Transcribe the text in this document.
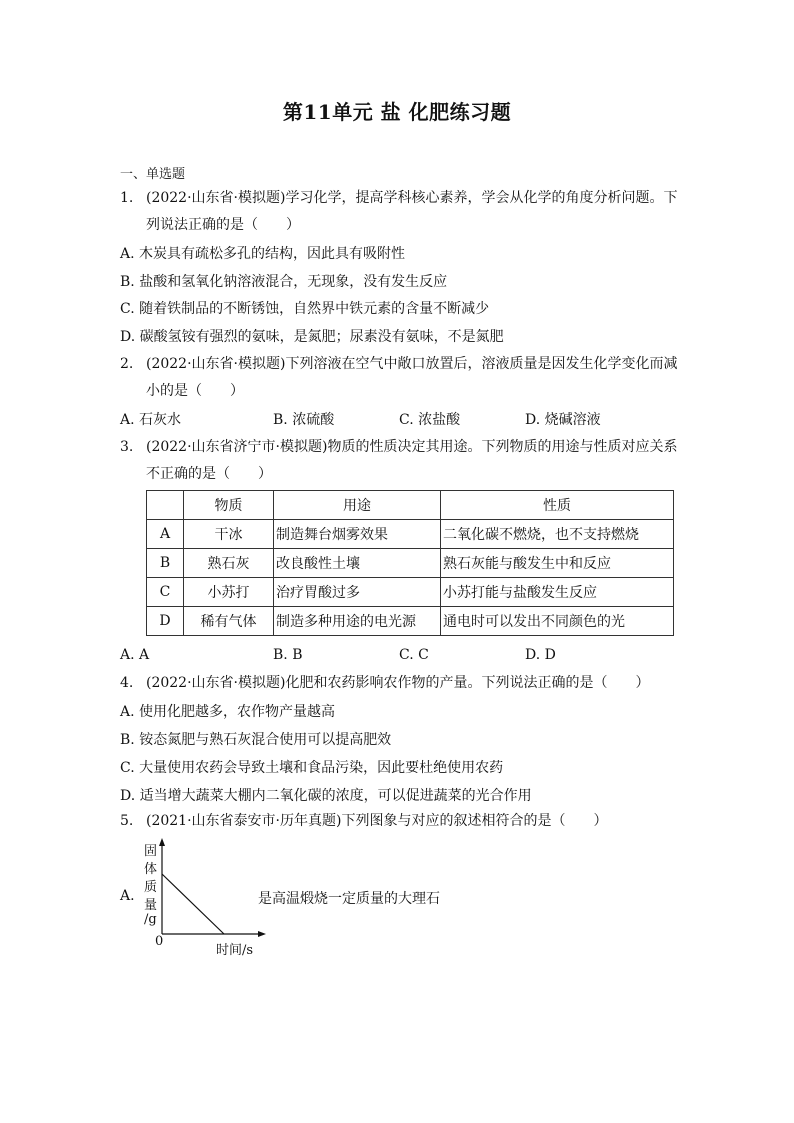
第11单元 盐 化肥练习题
一、单选题
1. (2022·山东省·模拟题)学习化学，提高学科核心素养，学会从化学的角度分析问题。下
列说法正确的是（　　）
A. 木炭具有疏松多孔的结构，因此具有吸附性
B. 盐酸和氢氧化钠溶液混合，无现象，没有发生反应
C. 随着铁制品的不断锈蚀，自然界中铁元素的含量不断减少
D. 碳酸氢铵有强烈的氨味，是氮肥；尿素没有氨味，不是氮肥
2. (2022·山东省·模拟题)下列溶液在空气中敞口放置后，溶液质量是因发生化学变化而减
小的是（　　）
A. 石灰水	B. 浓硫酸	C. 浓盐酸	D. 烧碱溶液
3. (2022·山东省济宁市·模拟题)物质的性质决定其用途。下列物质的用途与性质对应关系
不正确的是（　　）
	物质	用途	性质
A	干冰	制造舞台烟雾效果	二氧化碳不燃烧，也不支持燃烧
B	熟石灰	改良酸性土壤	熟石灰能与酸发生中和反应
C	小苏打	治疗胃酸过多	小苏打能与盐酸发生反应
D	稀有气体	制造多种用途的电光源	通电时可以发出不同颜色的光
A. A	B. B	C. C	D. D
4. (2022·山东省·模拟题)化肥和农药影响农作物的产量。下列说法正确的是（　　）
A. 使用化肥越多，农作物产量越高
B. 铵态氮肥与熟石灰混合使用可以提高肥效
C. 大量使用农药会导致土壤和食品污染，因此要杜绝使用农药
D. 适当增大蔬菜大棚内二氧化碳的浓度，可以促进蔬菜的光合作用
5. (2021·山东省泰安市·历年真题)下列图象与对应的叙述相符合的是（　　）
A.
固
体
质
量
/g
0
时间/s
是高温煅烧一定质量的大理石
